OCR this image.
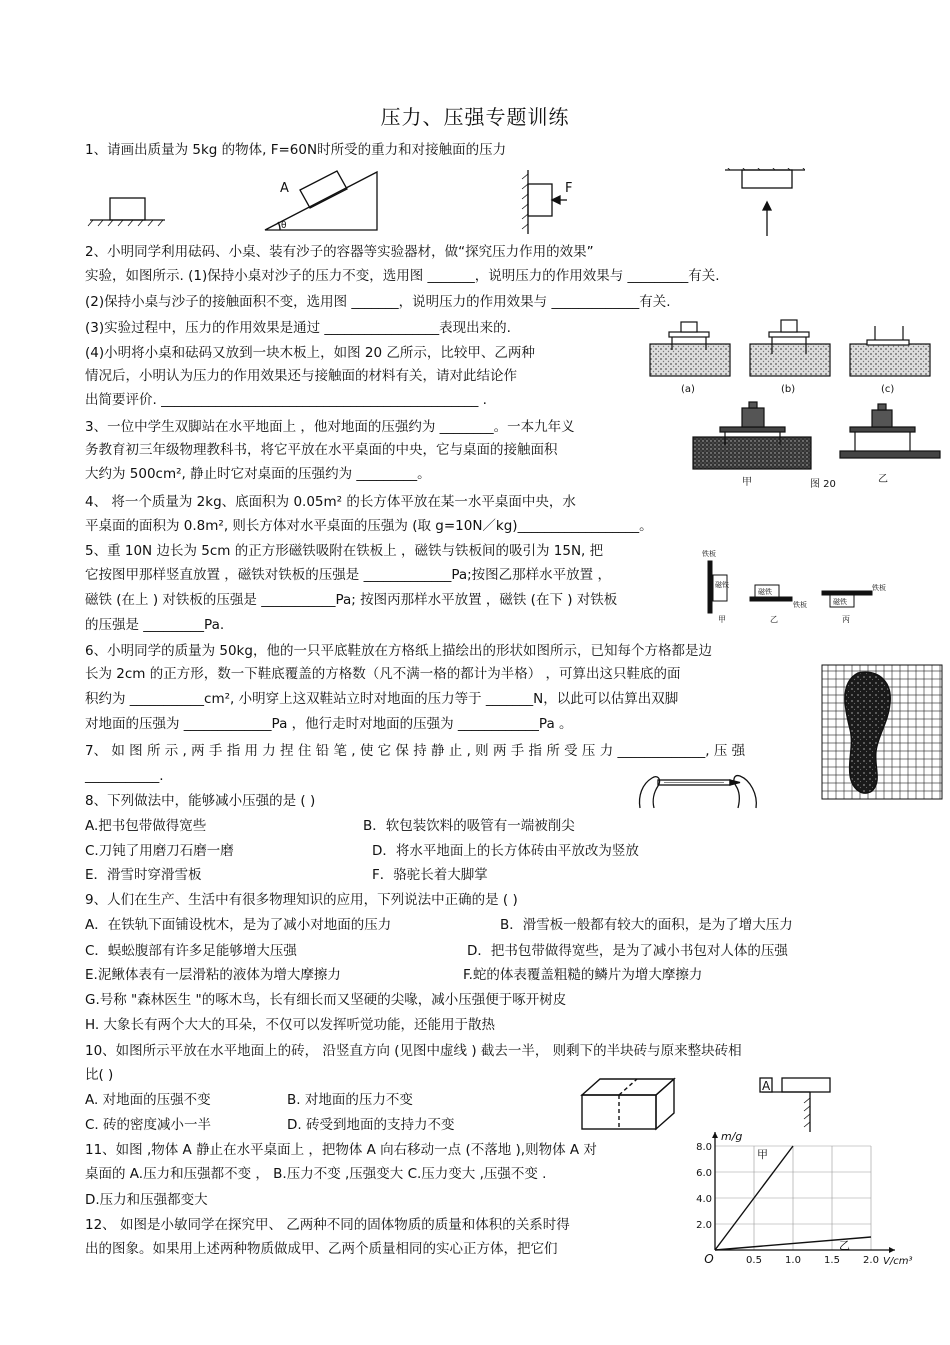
压力、压强专题训练
1、请画出质量为 5kg 的物体, F=60N时所受的重力和对接触面的压力
2、小明同学利用砝码、小桌、装有沙子的容器等实验器材，做“探究压力作用的效果”
实验，如图所示. (1)保持小桌对沙子的压力不变，选用图 _______，说明压力的作用效果与 _________有关.
(2)保持小桌与沙子的接触面积不变，选用图 _______，说明压力的作用效果与 _____________有关.
(3)实验过程中，压力的作用效果是通过 _________________表现出来的.
(4)小明将小桌和砝码又放到一块木板上，如图 20 乙所示，比较甲、乙两种
情况后，小明认为压力的作用效果还与接触面的材料有关，请对此结论作
出简要评价. _______________________________________________ .
3、一位中学生双脚站在水平地面上 ，他对地面的压强约为 ________。一本九年义
务教育初三年级物理教科书，将它平放在水平桌面的中央，它与桌面的接触面积
大约为 500cm², 静止时它对桌面的压强约为 _________。
4、 将一个质量为 2kg、底面积为 0.05m² 的长方体平放在某一水平桌面中央，水
平桌面的面积为 0.8m², 则长方体对水平桌面的压强为 (取 g=10N／kg)__________________。
5、重 10N 边长为 5cm 的正方形磁铁吸附在铁板上 ，磁铁与铁板间的吸引为 15N, 把
它按图甲那样竖直放置 ，磁铁对铁板的压强是 _____________Pa;按图乙那样水平放置 ，
磁铁 (在上 ) 对铁板的压强是 ___________Pa; 按图丙那样水平放置 ，磁铁 (在下 ) 对铁板
的压强是 _________Pa.
6、小明同学的质量为 50kg，他的一只平底鞋放在方格纸上描绘出的形状如图所示，已知每个方格都是边
长为 2cm 的正方形，数一下鞋底覆盖的方格数（凡不满一格的都计为半格） ，可算出这只鞋底的面
积约为 ___________cm², 小明穿上这双鞋站立时对地面的压力等于 _______N，以此可以估算出双脚
对地面的压强为 _____________Pa ，他行走时对地面的压强为 ____________Pa 。
7、 如 图 所 示 , 两 手 指 用 力 捏 住 铅 笔 , 使 它 保 持 静 止 , 则 两 手 指 所 受 压 力 _____________, 压 强
___________.
8、下列做法中，能够减小压强的是 ( )
A.把书包带做得宽些	B．软包装饮料的吸管有一端被削尖
C.刀钝了用磨刀石磨一磨	D．将水平地面上的长方体砖由平放改为竖放
E．滑雪时穿滑雪板	F．骆驼长着大脚掌
9、人们在生产、生活中有很多物理知识的应用，下列说法中正确的是 ( )
A．在铁轨下面铺设枕木，是为了减小对地面的压力	B．滑雪板一般都有较大的面积，是为了增大压力
C．蜈蚣腹部有许多足能够增大压强	D．把书包带做得宽些，是为了减小书包对人体的压强
E.泥鳅体表有一层滑粘的液体为增大摩擦力	F.蛇的体表覆盖粗糙的鳞片为增大摩擦力
G.号称 "森林医生 "的啄木鸟，长有细长而又坚硬的尖喙，减小压强便于啄开树皮
H. 大象长有两个大大的耳朵，不仅可以发挥听觉功能，还能用于散热
10、如图所示平放在水平地面上的砖， 沿竖直方向 (见图中虚线 ) 截去一半， 则剩下的半块砖与原来整块砖相
比( )
A. 对地面的压强不变	B. 对地面的压力不变
C. 砖的密度减小一半	D. 砖受到地面的支持力不变
11、如图 ,物体 A 静止在水平桌面上 ，把物体 A 向右移动一点 (不落地 ),则物体 A 对
桌面的 A.压力和压强都不变 ， B.压力不变 ,压强变大 C.压力变大 ,压强不变 .
D.压力和压强都变大
12、 如图是小敏同学在探究甲、 乙两种不同的固体物质的质量和体积的关系时得
出的图象。如果用上述两种物质做成甲、乙两个质量相同的实心正方体，把它们
A
θ
F
(a)	(b)	(c)
甲	图 20	乙
铁板
磁铁
甲
磁铁
铁板
乙
磁铁
铁板
丙
A
2.0
4.0
6.0
8.0
0.5 1.0 1.5 2.0
O
m/g
V/cm³
甲
乙
